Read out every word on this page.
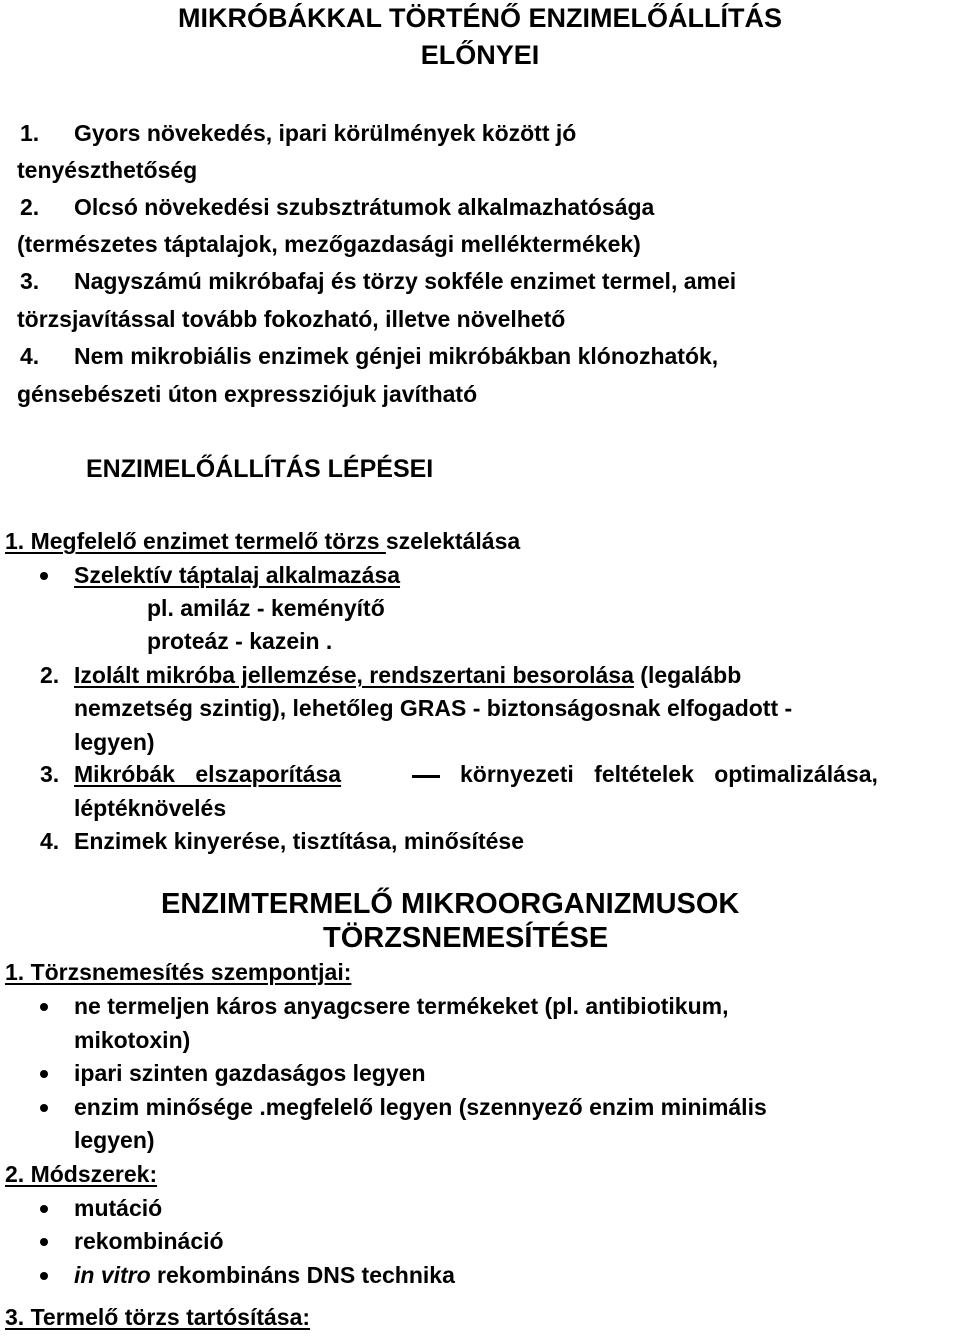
MIKRÓBÁKKAL TÖRTÉNŐ ENZIMELŐÁLLÍTÁS
ELŐNYEI
1. Gyors növekedés, ipari körülmények között jó
tenyészthetőség
2. Olcsó növekedési szubsztrátumok alkalmazhatósága
(természetes táptalajok, mezőgazdasági melléktermékek)
3. Nagyszámú mikróbafaj és törzy sokféle enzimet termel, amei
törzsjavítással tovább fokozható, illetve növelhető
4. Nem mikrobiális enzimek génjei mikróbákban klónozhatók,
génsebészeti úton expressziójuk javítható
ENZIMELŐÁLLÍTÁS LÉPÉSEI
1. Megfelelő enzimet termelő törzs szelektálása
Szelektív táptalaj alkalmazása
pl. amiláz - keményítő
proteáz - kazein .
2. Izolált mikróba jellemzése, rendszertani besorolása (legalább
nemzetség szintig), lehetőleg GRAS - biztonságosnak elfogadott -
legyen)
3. Mikróbák elszaporítása	környezeti feltételek optimalizálása,
léptéknövelés
4. Enzimek kinyerése, tisztítása, minősítése
ENZIMTERMELŐ MIKROORGANIZMUSOK
TÖRZSNEMESÍTÉSE
1. Törzsnemesítés szempontjai:
ne termeljen káros anyagcsere termékeket (pl. antibiotikum,
mikotoxin)
ipari szinten gazdaságos legyen
enzim minősége .megfelelő legyen (szennyező enzim minimális
legyen)
2. Módszerek:
mutáció
rekombináció
in vitro rekombináns DNS technika
3. Termelő törzs tartósítása:
